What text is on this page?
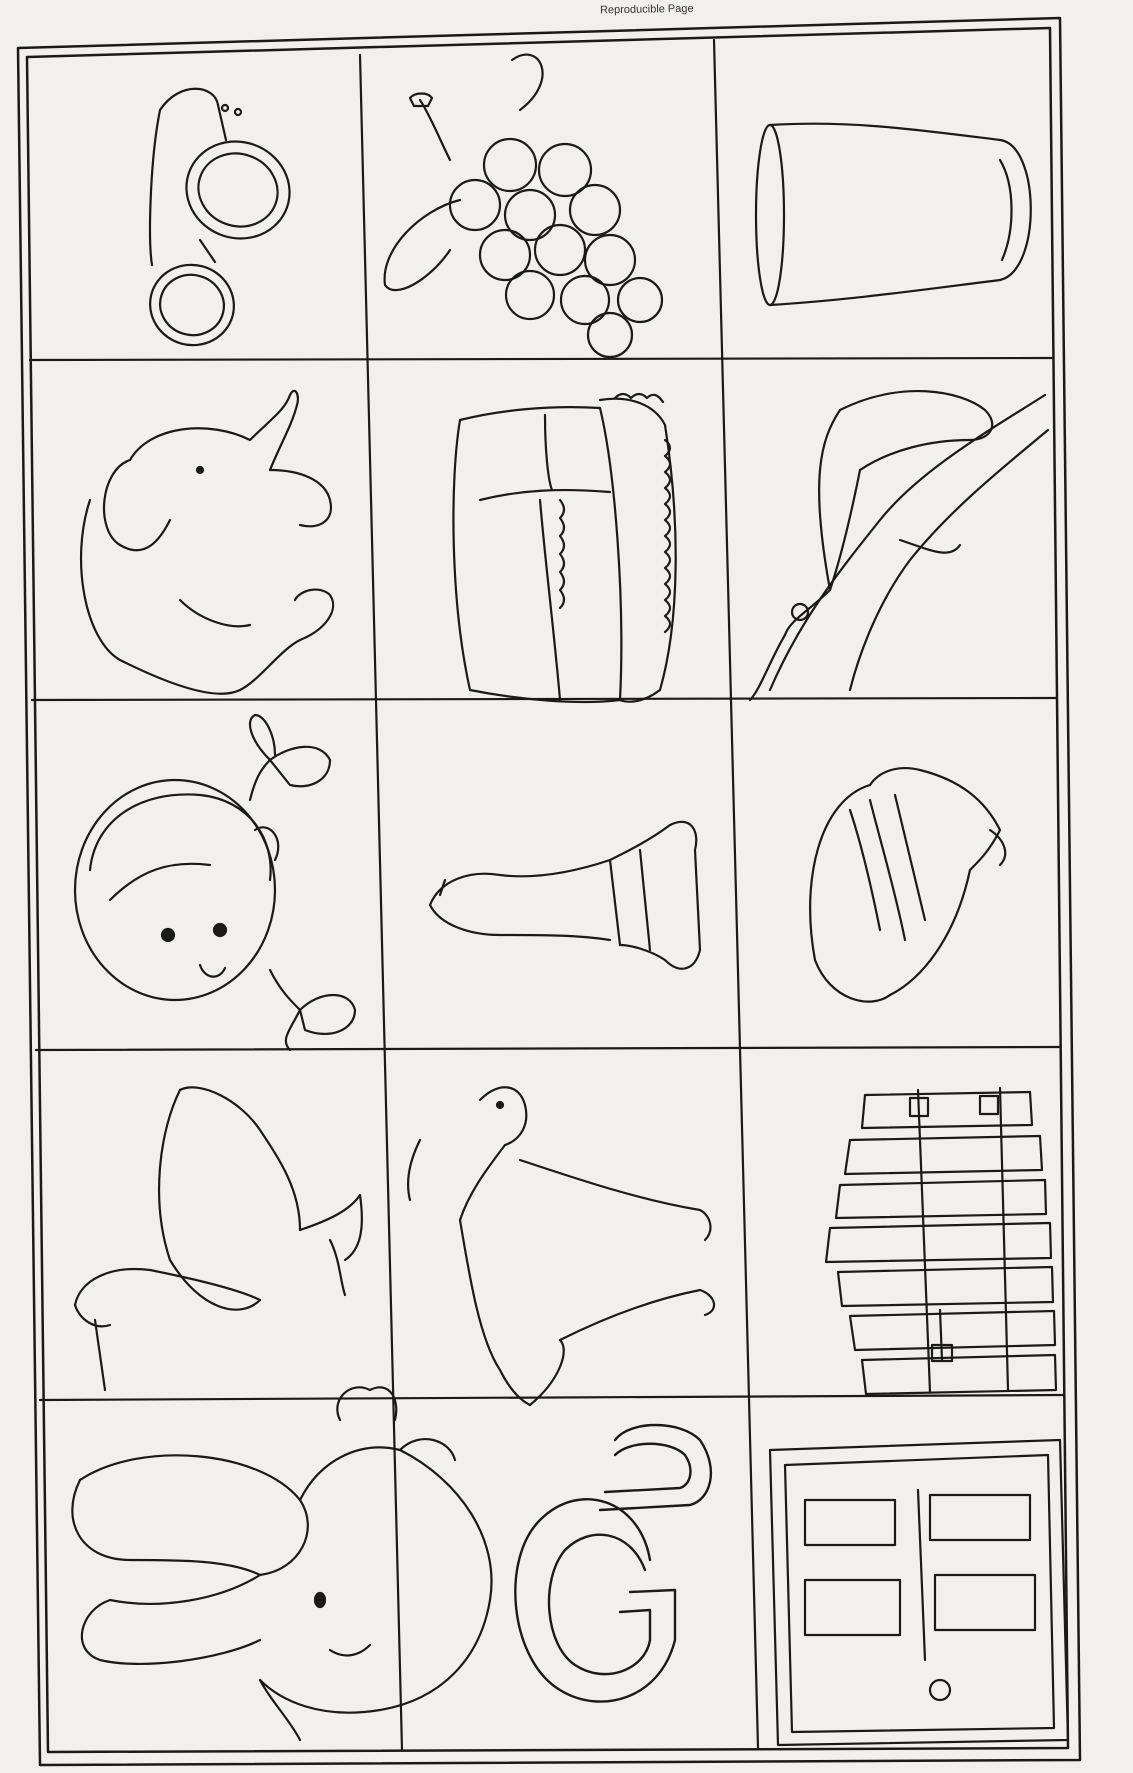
Reproducible Page
